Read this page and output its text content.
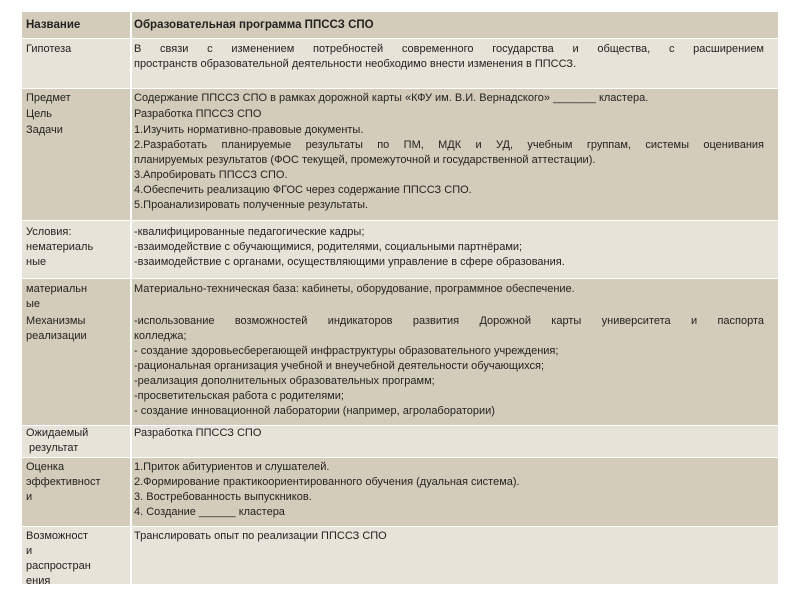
Название	Образовательная программа ППССЗ СПО
Гипотеза	В связи с изменением потребностей современного государства и общества, с расширением
пространств образовательной деятельности необходимо внести изменения в ППССЗ.
Предмет
Цель
Задачи
Содержание ППССЗ СПО в рамках дорожной карты «КФУ им. В.И. Вернадского» _______ кластера.
Разработка ППССЗ СПО
1.Изучить нормативно-правовые документы.
2.Разработать планируемые результаты по ПМ, МДК и УД, учебным группам, системы оценивания
планируемых результатов (ФОС текущей, промежуточной и государственной аттестации).
3.Апробировать ППССЗ СПО.
4.Обеспечить реализацию ФГОС через содержание ППССЗ СПО.
5.Проанализировать полученные результаты.
Условия:
нематериаль
ные
-квалифицированные педагогические кадры;
-взаимодействие с обучающимися, родителями, социальными партнёрами;
-взаимодействие с органами, осуществляющими управление в сфере образования.
материальн
ые
Механизмы
реализации
Материально-техническая база: кабинеты, оборудование, программное обеспечение.
-использование возможностей индикаторов развития Дорожной карты университета и паспорта
колледжа;
- создание здоровьесберегающей инфраструктуры образовательного учреждения;
-рациональная организация учебной и внеучебной деятельности обучающихся;
-реализация дополнительных образовательных программ;
-просветительская работа с родителями;
- создание инновационной лаборатории (например, агролаборатории)
Ожидаемый
результат
Разработка ППССЗ СПО
Оценка
эффективност
и
1.Приток абитуриентов и слушателей.
2.Формирование практикоориентированного обучения (дуальная система).
3. Востребованность выпускников.
4. Создание ______ кластера
Возможност
и
распростран
ения
Транслировать опыт по реализации ППССЗ СПО
